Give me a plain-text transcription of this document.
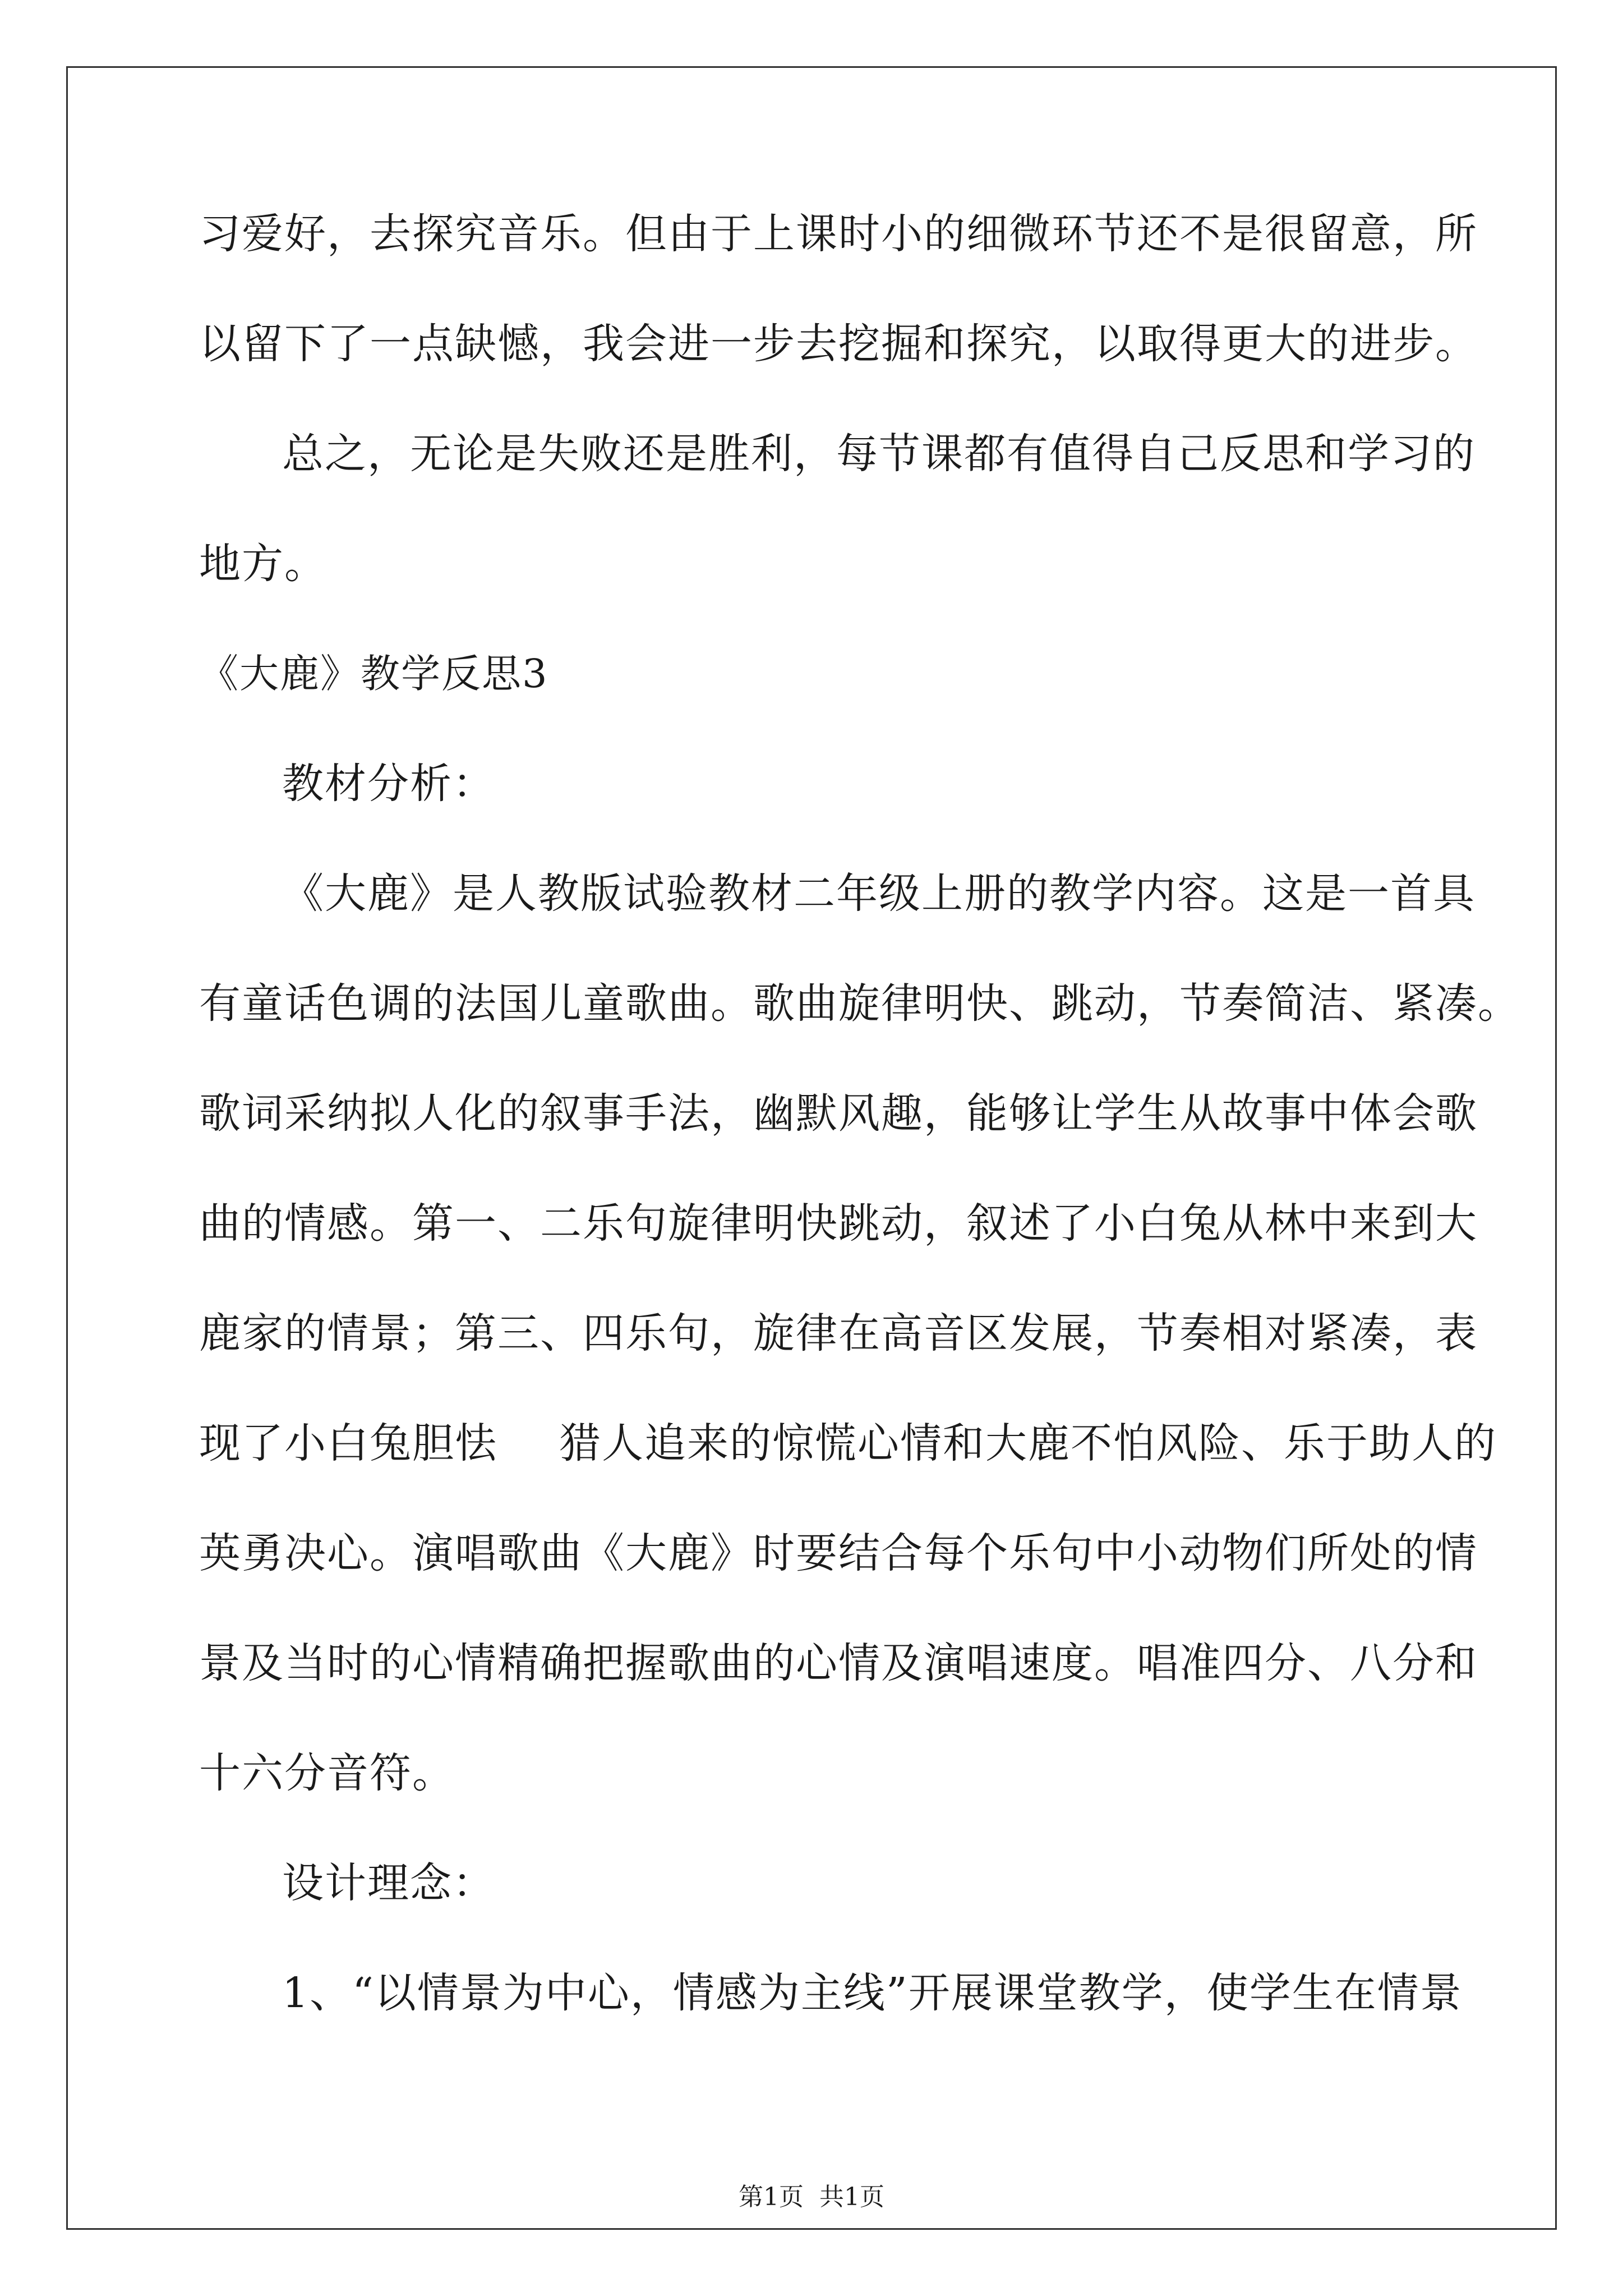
习爱好，去探究音乐。但由于上课时小的细微环节还不是很留意，所
以留下了一点缺憾，我会进一步去挖掘和探究，以取得更大的进步。
总之，无论是失败还是胜利，每节课都有值得自己反思和学习的
地方。
《大鹿》教学反思3
教材分析：
《大鹿》是人教版试验教材二年级上册的教学内容。这是一首具
有童话色调的法国儿童歌曲。歌曲旋律明快、跳动，节奏简洁、紧凑。
歌词采纳拟人化的叙事手法，幽默风趣，能够让学生从故事中体会歌
曲的情感。第一、二乐句旋律明快跳动，叙述了小白兔从林中来到大
鹿家的情景；第三、四乐句，旋律在高音区发展，节奏相对紧凑，表
现了小白兔胆怯 猎人追来的惊慌心情和大鹿不怕风险、乐于助人的
英勇决心。演唱歌曲《大鹿》时要结合每个乐句中小动物们所处的情
景及当时的心情精确把握歌曲的心情及演唱速度。唱准四分、八分和
十六分音符。
设计理念：
1、“以情景为中心，情感为主线”开展课堂教学，使学生在情景
第1页 共1页
